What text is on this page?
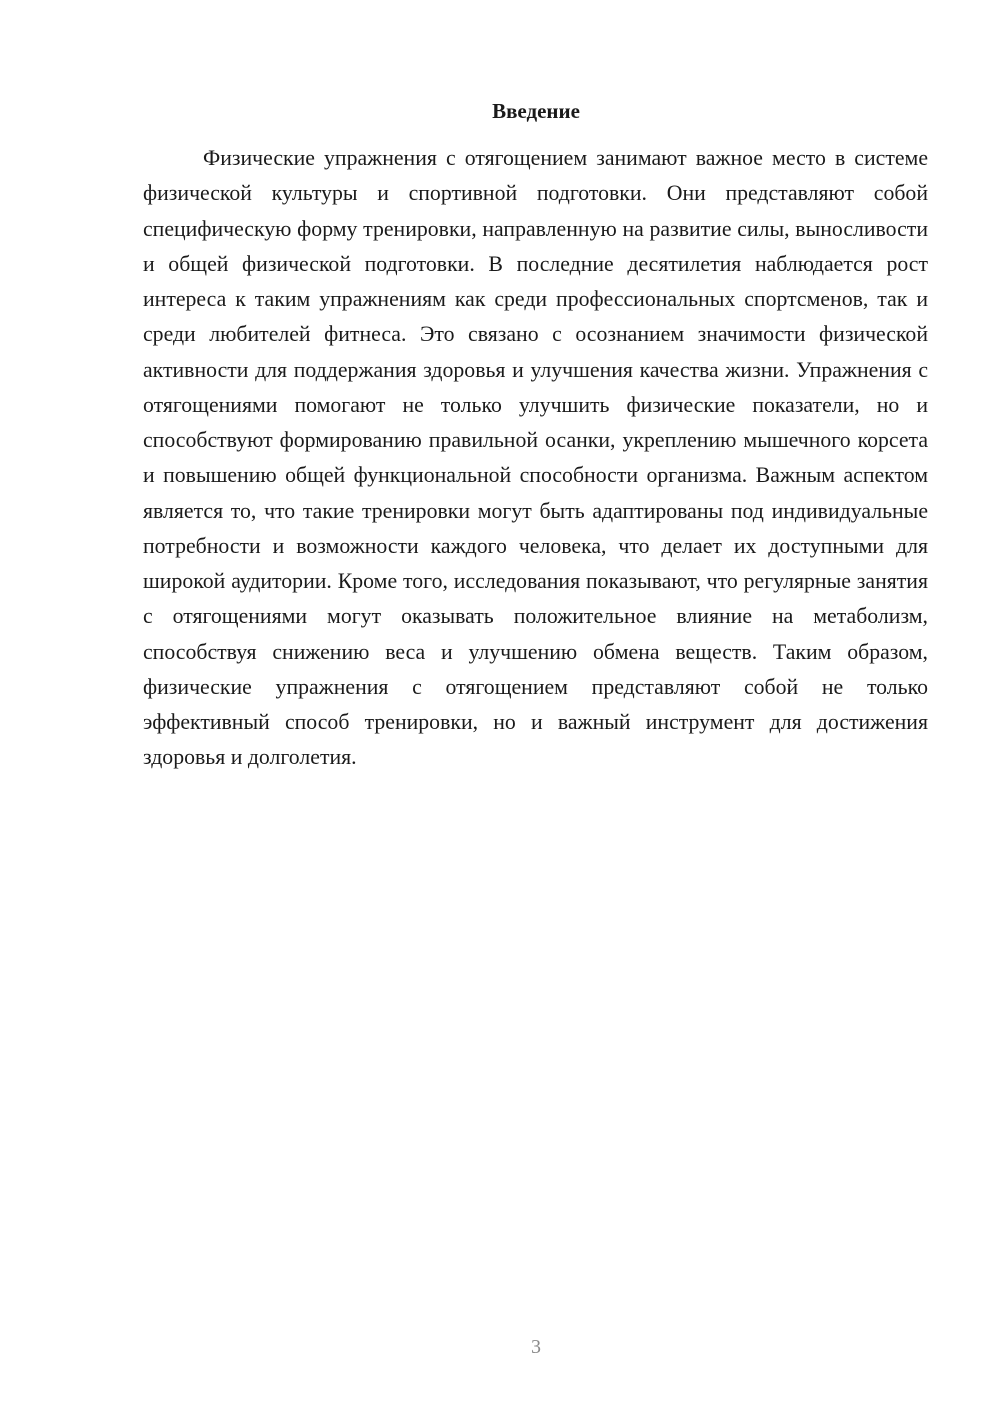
Введение

Физические упражнения с отягощением занимают важное место в системе физической культуры и спортивной подготовки. Они представляют собой специфическую форму тренировки, направленную на развитие силы, выносливости и общей физической подготовки. В последние десятилетия наблюдается рост интереса к таким упражнениям как среди профессиональных спортсменов, так и среди любителей фитнеса. Это связано с осознанием значимости физической активности для поддержания здоровья и улучшения качества жизни. Упражнения с отягощениями помогают не только улучшить физические показатели, но и способствуют формированию правильной осанки, укреплению мышечного корсета и повышению общей функциональной способности организма. Важным аспектом является то, что такие тренировки могут быть адаптированы под индивидуальные потребности и возможности каждого человека, что делает их доступными для широкой аудитории. Кроме того, исследования показывают, что регулярные занятия с отягощениями могут оказывать положительное влияние на метаболизм, способствуя снижению веса и улучшению обмена веществ. Таким образом, физические упражнения с отягощением представляют собой не только эффективный способ тренировки, но и важный инструмент для достижения здоровья и долголетия.

3
